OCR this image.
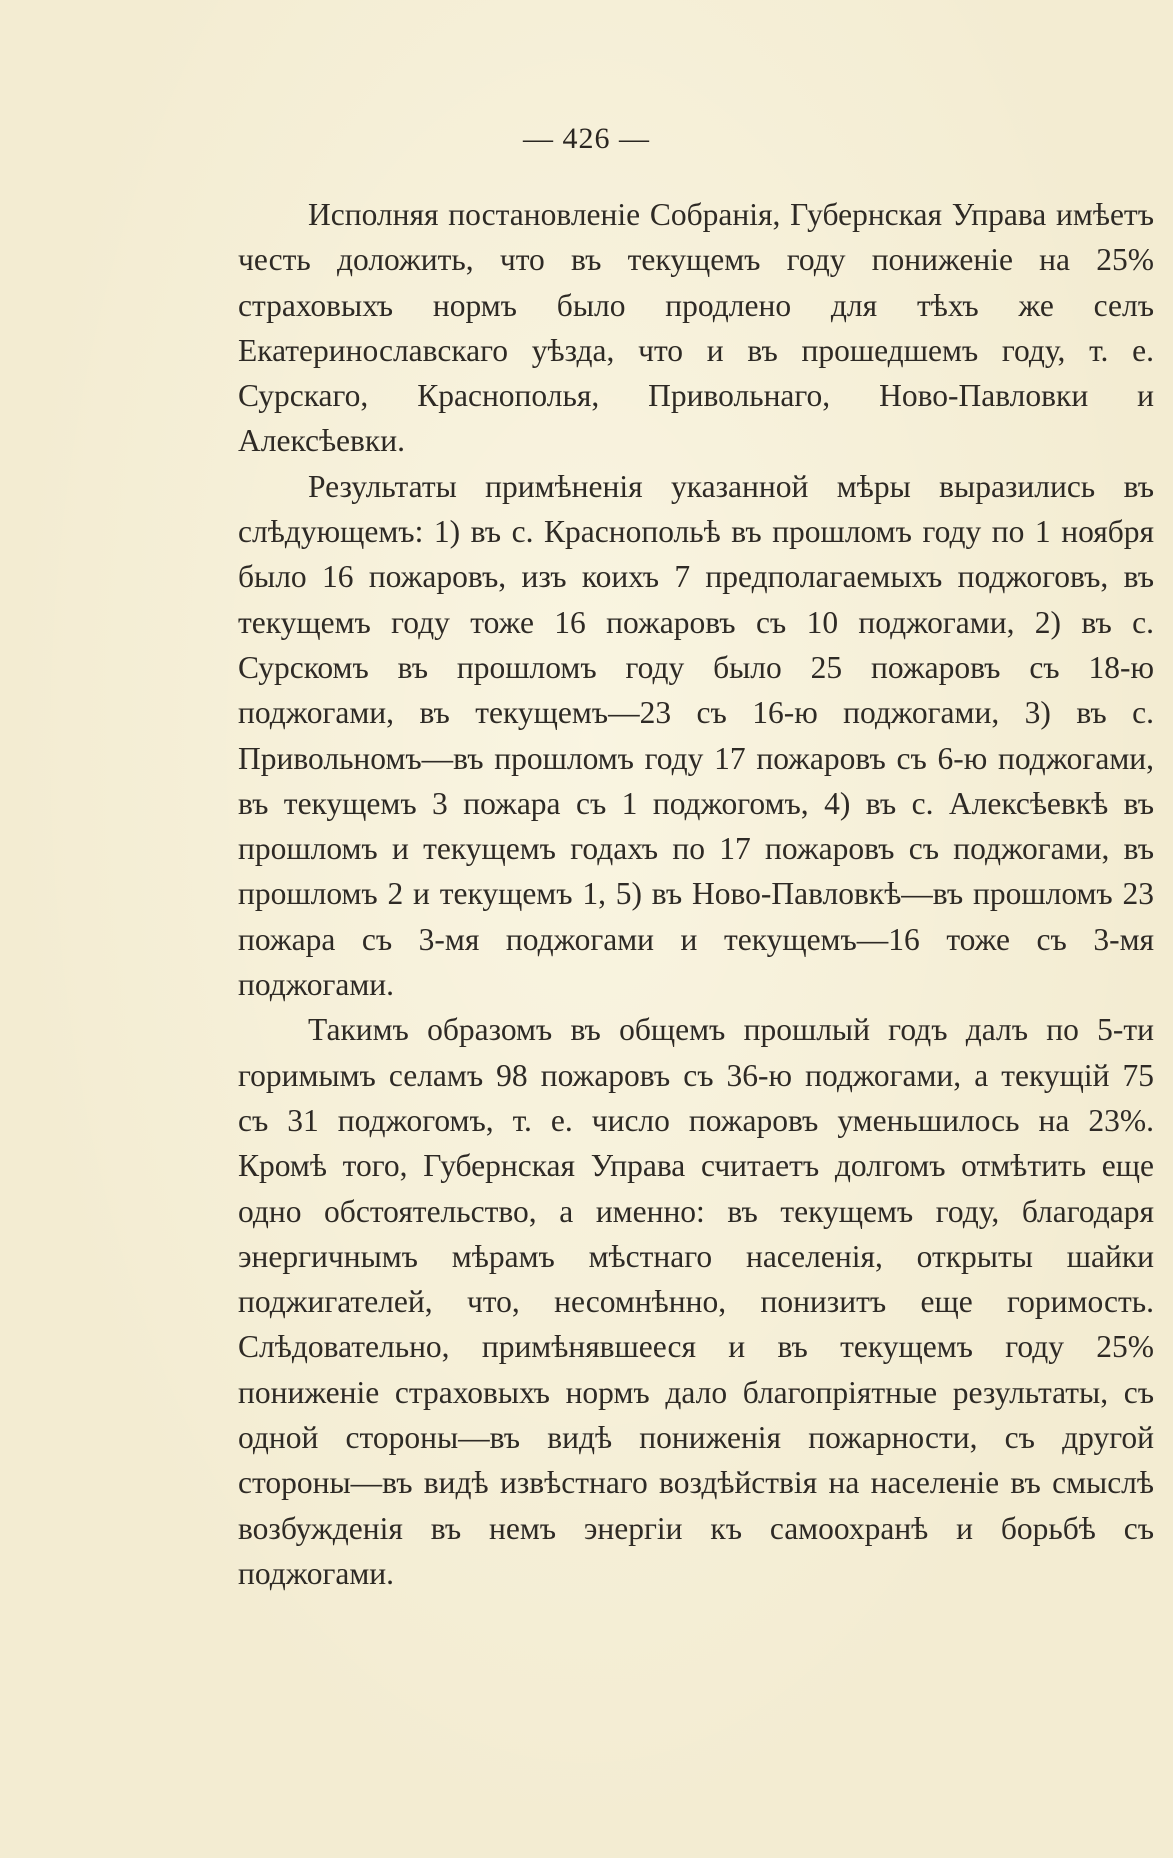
— 426 —

Исполняя постановленіе Собранія, Губернская Управа имѣетъ честь доложить, что въ текущемъ году пониженіе на 25% страховыхъ нормъ было продлено для тѣхъ же селъ Екатеринославскаго уѣзда, что и въ прошедшемъ году, т. е. Сурскаго, Краснополья, Привольнаго, Ново-Павловки и Алексѣевки.

Результаты примѣненія указанной мѣры выразились въ слѣдующемъ: 1) въ с. Краснопольѣ въ прошломъ году по 1 ноября было 16 пожаровъ, изъ коихъ 7 предполагаемыхъ поджоговъ, въ текущемъ году тоже 16 пожаровъ съ 10 поджогами, 2) въ с. Сурскомъ въ прошломъ году было 25 пожаровъ съ 18-ю поджогами, въ текущемъ—23 съ 16-ю поджогами, 3) въ с. Привольномъ—въ прошломъ году 17 пожаровъ съ 6-ю поджогами, въ текущемъ 3 пожара съ 1 поджогомъ, 4) въ с. Алексѣевкѣ въ прошломъ и текущемъ годахъ по 17 пожаровъ съ поджогами, въ прошломъ 2 и текущемъ 1, 5) въ Ново-Павловкѣ—въ прошломъ 23 пожара съ 3-мя поджогами и текущемъ—16 тоже съ 3-мя поджогами.

Такимъ образомъ въ общемъ прошлый годъ далъ по 5-ти горимымъ селамъ 98 пожаровъ съ 36-ю поджогами, а текущій 75 съ 31 поджогомъ, т. е. число пожаровъ уменьшилось на 23%. Кромѣ того, Губернская Управа считаетъ долгомъ отмѣтить еще одно обстоятельство, а именно: въ текущемъ году, благодаря энергичнымъ мѣрамъ мѣстнаго населенія, открыты шайки поджигателей, что, несомнѣнно, понизитъ еще горимость. Слѣдовательно, примѣнявшееся и въ текущемъ году 25% пониженіе страховыхъ нормъ дало благопріятные результаты, съ одной стороны—въ видѣ пониженія пожарности, съ другой стороны—въ видѣ извѣстнаго воздѣйствія на населеніе въ смыслѣ возбужденія въ немъ энергіи къ самоохранѣ и борьбѣ съ поджогами.
